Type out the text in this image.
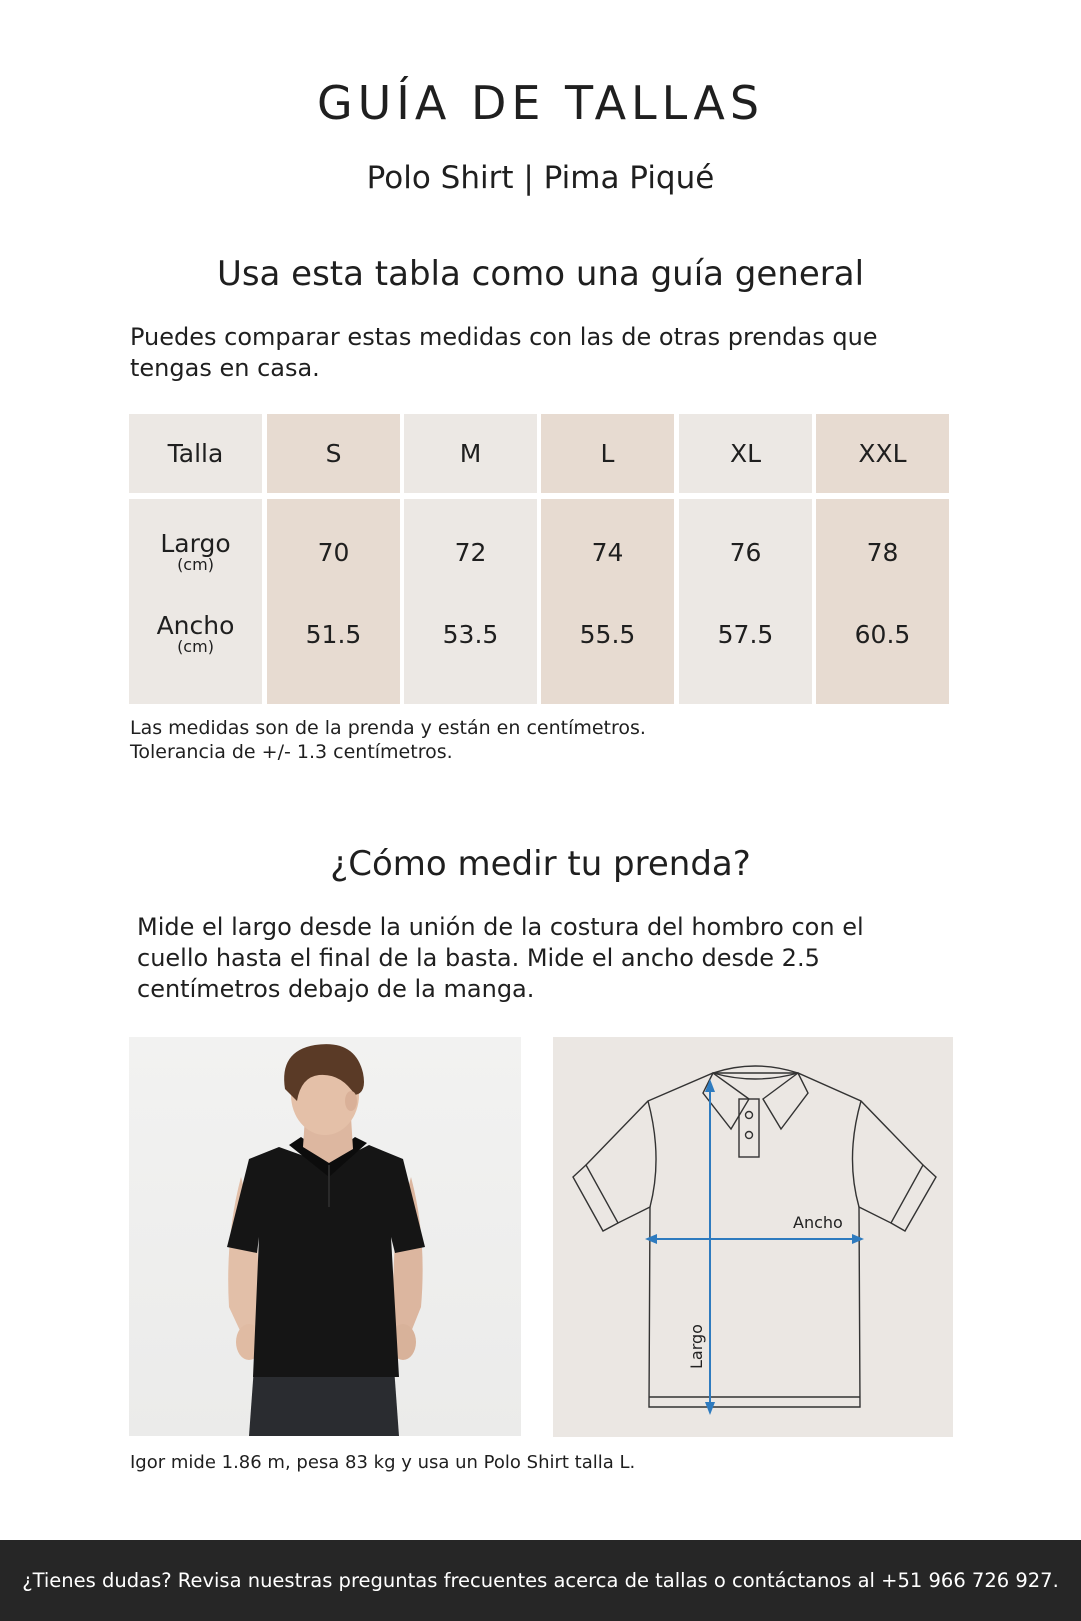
GUÍA DE TALLAS
Polo Shirt | Pima Piqué
Usa esta tabla como una guía general

Puedes comparar estas medidas con las de otras prendas que tengas en casa.

Talla
Largo
(cm)
Ancho
(cm)
S
70
51.5
M
72
53.5
L
74
55.5
XL
76
57.5
XXL
78
60.5
Las medidas son de la prenda y están en centímetros.
Tolerancia de +/- 1.3 centímetros.
¿Cómo medir tu prenda?

Mide el largo desde la unión de la costura del hombro con el cuello hasta el final de la basta. Mide el ancho desde 2.5 centímetros debajo de la manga.

Ancho
Largo
Igor mide 1.86 m, pesa 83 kg y usa un Polo Shirt talla L.
¿Tienes dudas? Revisa nuestras preguntas frecuentes acerca de tallas o contáctanos al +51 966 726 927.
